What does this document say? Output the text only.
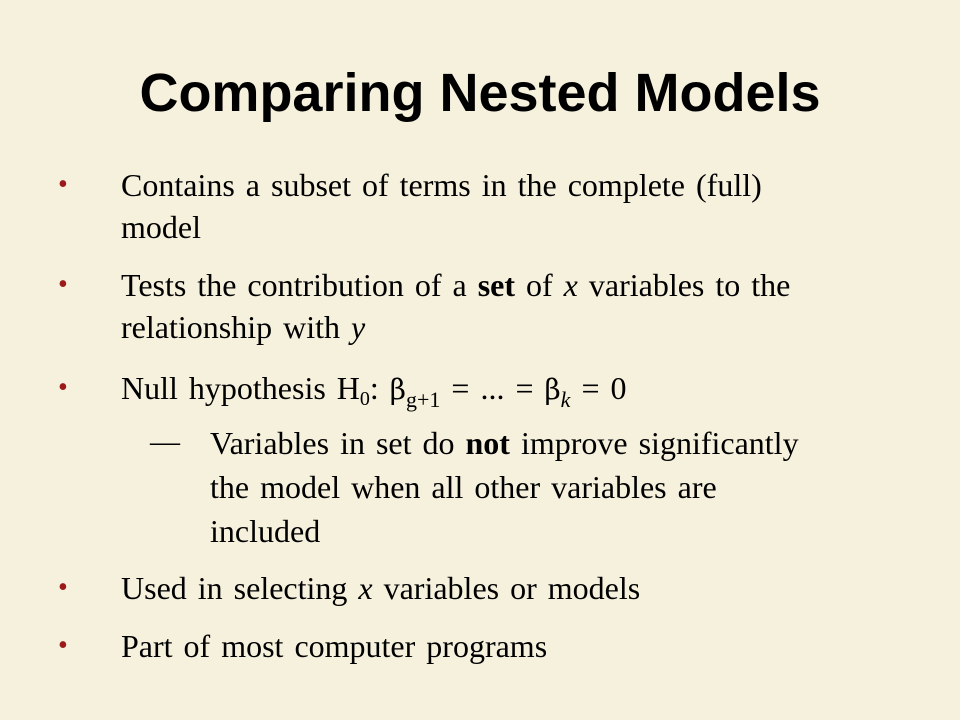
Comparing Nested Models
• Contains a subset of terms in the complete (full)
model
• Tests the contribution of a set of x variables to the
relationship with y
• Null hypothesis $H_0$: $\beta_{g+1}$ = ... = $\beta_k = 0$
— Variables in set do not improve significantly
the model when all other variables are
included
• Used in selecting x variables or models
• Part of most computer programs
